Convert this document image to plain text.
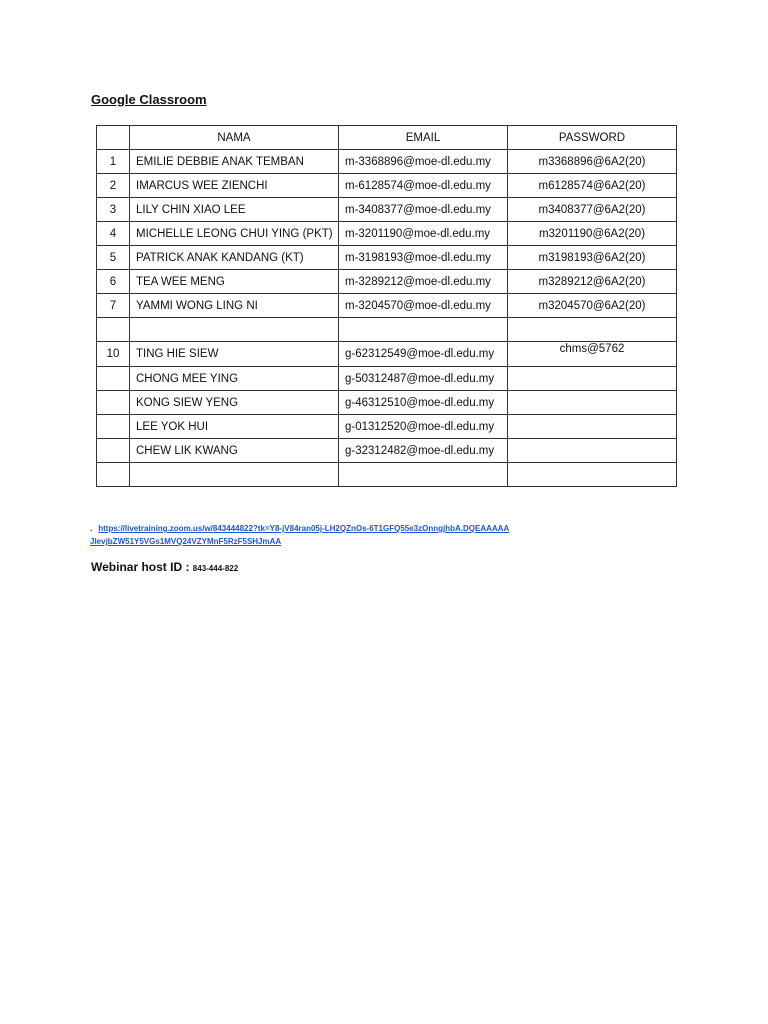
Google Classroom
	NAMA	EMAIL	PASSWORD
1	EMILIE DEBBIE ANAK TEMBAN	m-3368896@moe-dl.edu.my	m3368896@6A2(20)
2	IMARCUS WEE ZIENCHI	m-6128574@moe-dl.edu.my	m6128574@6A2(20)
3	LILY CHIN XIAO LEE	m-3408377@moe-dl.edu.my	m3408377@6A2(20)
4	MICHELLE LEONG CHUI YING (PKT)	m-3201190@moe-dl.edu.my	m3201190@6A2(20)
5	PATRICK ANAK KANDANG (KT)	m-3198193@moe-dl.edu.my	m3198193@6A2(20)
6	TEA WEE MENG	m-3289212@moe-dl.edu.my	m3289212@6A2(20)
7	YAMMI WONG LING NI	m-3204570@moe-dl.edu.my	m3204570@6A2(20)

10	TING HIE SIEW	g-62312549@moe-dl.edu.my	chms@5762
	CHONG MEE YING	g-50312487@moe-dl.edu.my	
	KONG SIEW YENG	g-46312510@moe-dl.edu.my	
	LEE YOK HUI	g-01312520@moe-dl.edu.my	
	CHEW LIK KWANG	g-32312482@moe-dl.edu.my	

. https://livetraining.zoom.us/w/843444822?tk=Y8-jV84ran05j-LH2QZnOs-6T1GFQ55e3zOnngjhbA.DQEAAAAAJlevjbZW51Y5VGs1MVQ24VZYMnF5RzF5SHJmAA
Webinar host ID : 843-444-822
